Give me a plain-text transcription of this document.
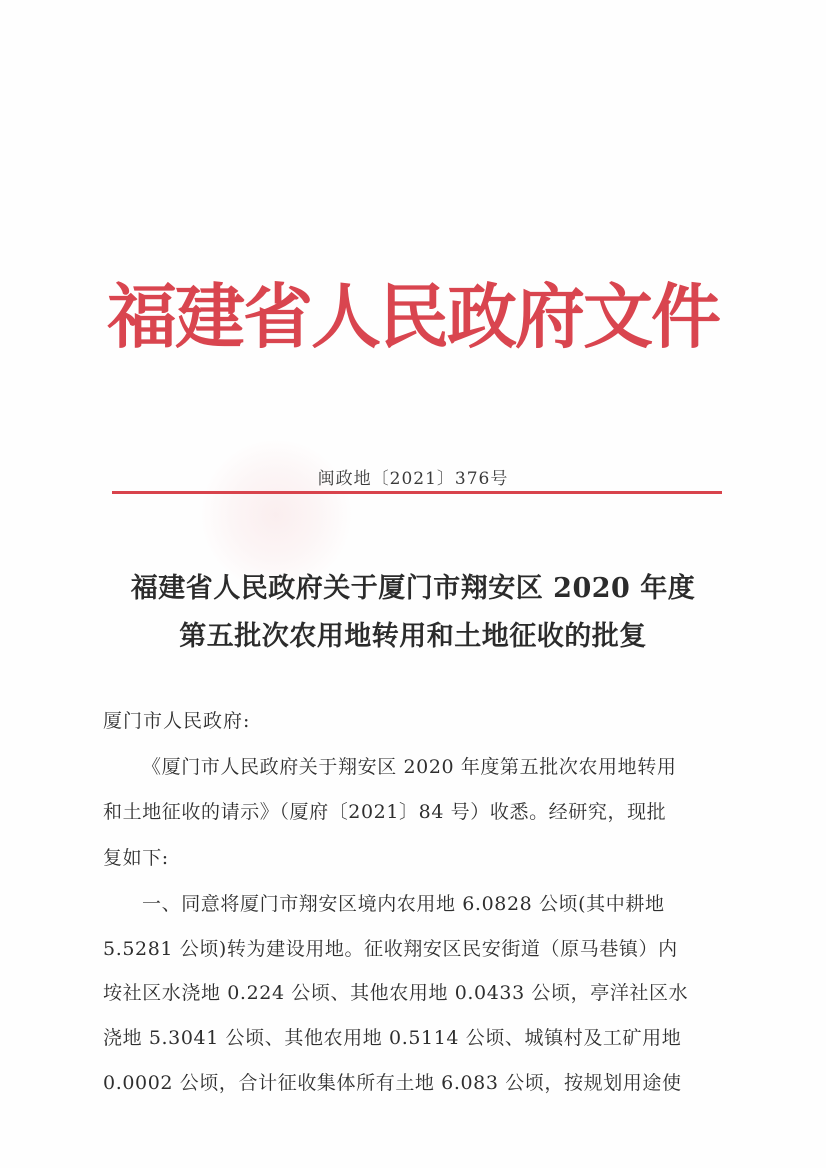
福建省人民政府文件
闽政地〔2021〕376号
福建省人民政府关于厦门市翔安区 2020 年度
第五批次农用地转用和土地征收的批复
厦门市人民政府:
《厦门市人民政府关于翔安区 2020 年度第五批次农用地转用
和土地征收的请示》（厦府〔2021〕84 号）收悉。经研究，现批
复如下:
一、同意将厦门市翔安区境内农用地 6.0828 公顷(其中耕地
5.5281 公顷)转为建设用地。征收翔安区民安街道（原马巷镇）内
垵社区水浇地 0.224 公顷、其他农用地 0.0433 公顷，亭洋社区水
浇地 5.3041 公顷、其他农用地 0.5114 公顷、城镇村及工矿用地
0.0002 公顷，合计征收集体所有土地 6.083 公顷，按规划用途使
